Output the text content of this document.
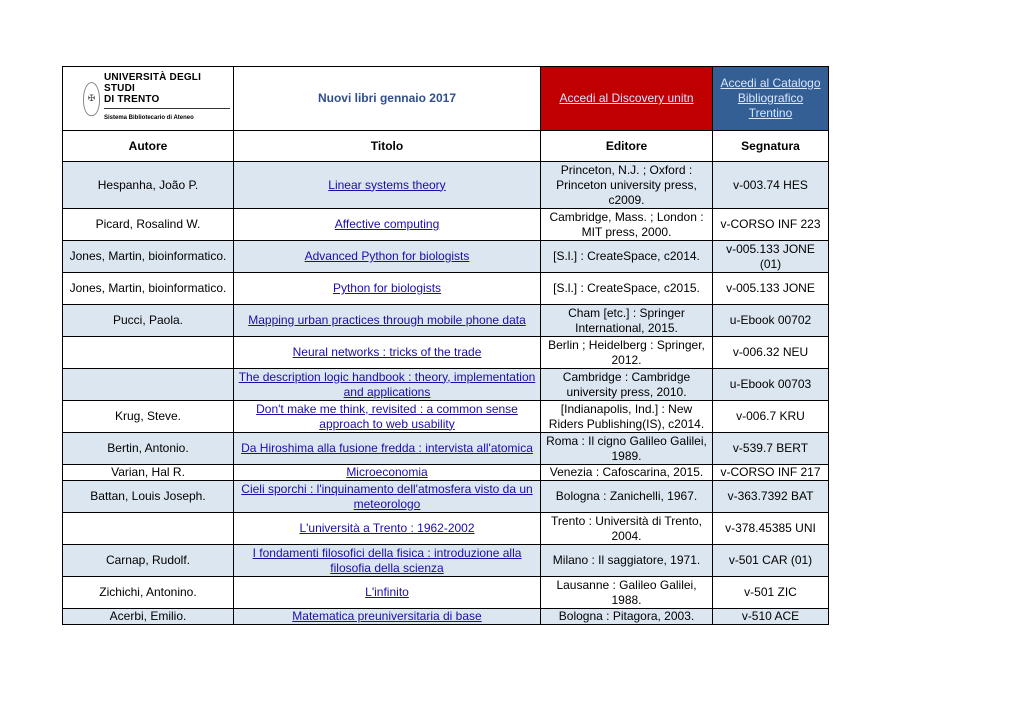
✠
UNIVERSITÀ DEGLI STUDI
DI TRENTO
Sistema Bibliotecario di Ateneo	Nuovi libri gennaio 2017	Accedi al Discovery unitn	Accedi al Catalogo Bibliografico Trentino
Autore	Titolo	Editore	Segnatura
Hespanha, João P.	Linear systems theory	Princeton, N.J. ; Oxford : Princeton university press, c2009.	v-003.74 HES
Picard, Rosalind W.	Affective computing	Cambridge, Mass. ; London : MIT press, 2000.	v-CORSO INF 223
Jones, Martin, bioinformatico.	Advanced Python for biologists	[S.l.] : CreateSpace, c2014.	v-005.133 JONE (01)
Jones, Martin, bioinformatico.	Python for biologists	[S.l.] : CreateSpace, c2015.	v-005.133 JONE
Pucci, Paola.	Mapping urban practices through mobile phone data	Cham [etc.] : Springer International, 2015.	u-Ebook 00702
	Neural networks : tricks of the trade	Berlin ; Heidelberg : Springer, 2012.	v-006.32 NEU
	The description logic handbook : theory, implementation and applications	Cambridge : Cambridge university press, 2010.	u-Ebook 00703
Krug, Steve.	Don't make me think, revisited : a common sense approach to web usability	[Indianapolis, Ind.] : New Riders Publishing(IS), c2014.	v-006.7 KRU
Bertin, Antonio.	Da Hiroshima alla fusione fredda : intervista all'atomica	Roma : Il cigno Galileo Galilei, 1989.	v-539.7 BERT
Varian, Hal R.	Microeconomia	Venezia : Cafoscarina, 2015.	v-CORSO INF 217
Battan, Louis Joseph.	Cieli sporchi : l'inquinamento dell'atmosfera visto da un meteorologo	Bologna : Zanichelli, 1967.	v-363.7392 BAT
	L'università a Trento : 1962-2002	Trento : Università di Trento, 2004.	v-378.45385 UNI
Carnap, Rudolf.	I fondamenti filosofici della fisica : introduzione alla filosofia della scienza	Milano : Il saggiatore, 1971.	v-501 CAR (01)
Zichichi, Antonino.	L'infinito	Lausanne : Galileo Galilei, 1988.	v-501 ZIC
Acerbi, Emilio.	Matematica preuniversitaria di base	Bologna : Pitagora, 2003.	v-510 ACE
